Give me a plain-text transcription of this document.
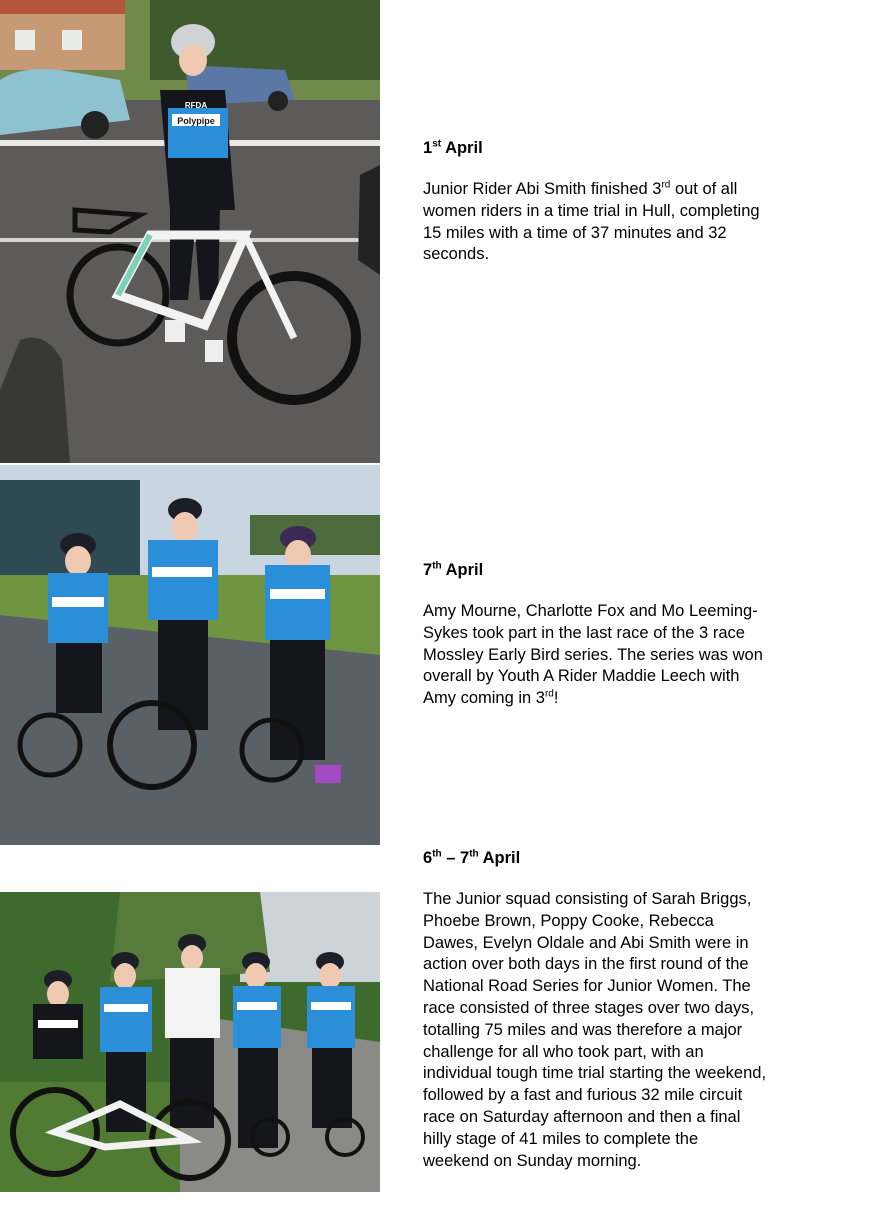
Polypipe
RFDA
1st April

Junior Rider Abi Smith finished 3rd out of all women riders in a time trial in Hull, completing 15 miles with a time of 37 minutes and 32 seconds.

7th April

Amy Mourne, Charlotte Fox and Mo Leeming-Sykes took part in the last race of the 3 race Mossley Early Bird series. The series was won overall by Youth A Rider Maddie Leech with Amy coming in 3rd!

6th – 7th April

The Junior squad consisting of Sarah Briggs, Phoebe Brown, Poppy Cooke, Rebecca Dawes, Evelyn Oldale and Abi Smith were in action over both days in the first round of the National Road Series for Junior Women. The race consisted of three stages over two days, totalling 75 miles and was therefore a major challenge for all who took part, with an individual tough time trial starting the weekend, followed by a fast and furious 32 mile circuit race on Saturday afternoon and then a final hilly stage of 41 miles to complete the weekend on Sunday morning.
